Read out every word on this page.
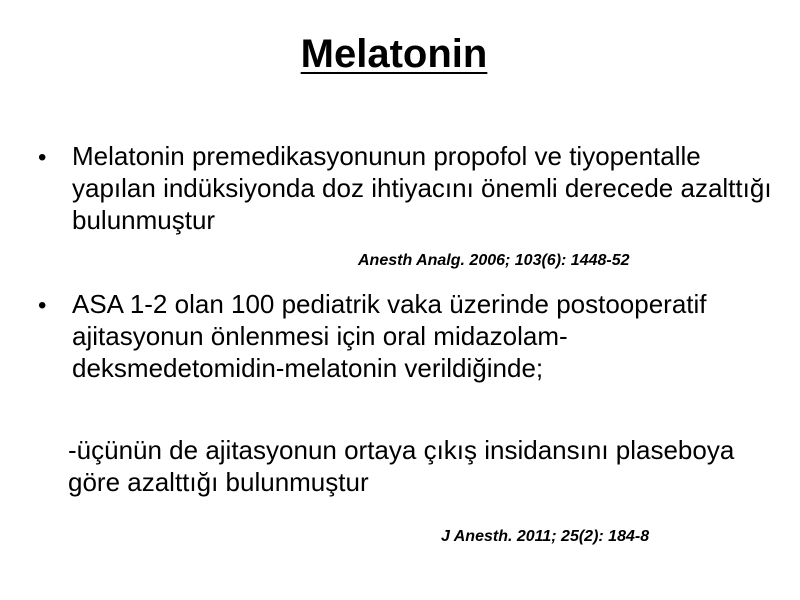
Melatonin
• Melatonin premedikasyonunun propofol ve tiyopentalle yapılan indüksiyonda doz ihtiyacını önemli derecede azalttığı bulunmuştur
Anesth Analg. 2006; 103(6): 1448-52
• ASA 1-2 olan 100 pediatrik vaka üzerinde postooperatif ajitasyonun önlenmesi için oral midazolam-deksmedetomidin-melatonin verildiğinde;
-üçünün de ajitasyonun ortaya çıkış insidansını plaseboya göre azalttığı bulunmuştur
J Anesth. 2011; 25(2): 184-8
